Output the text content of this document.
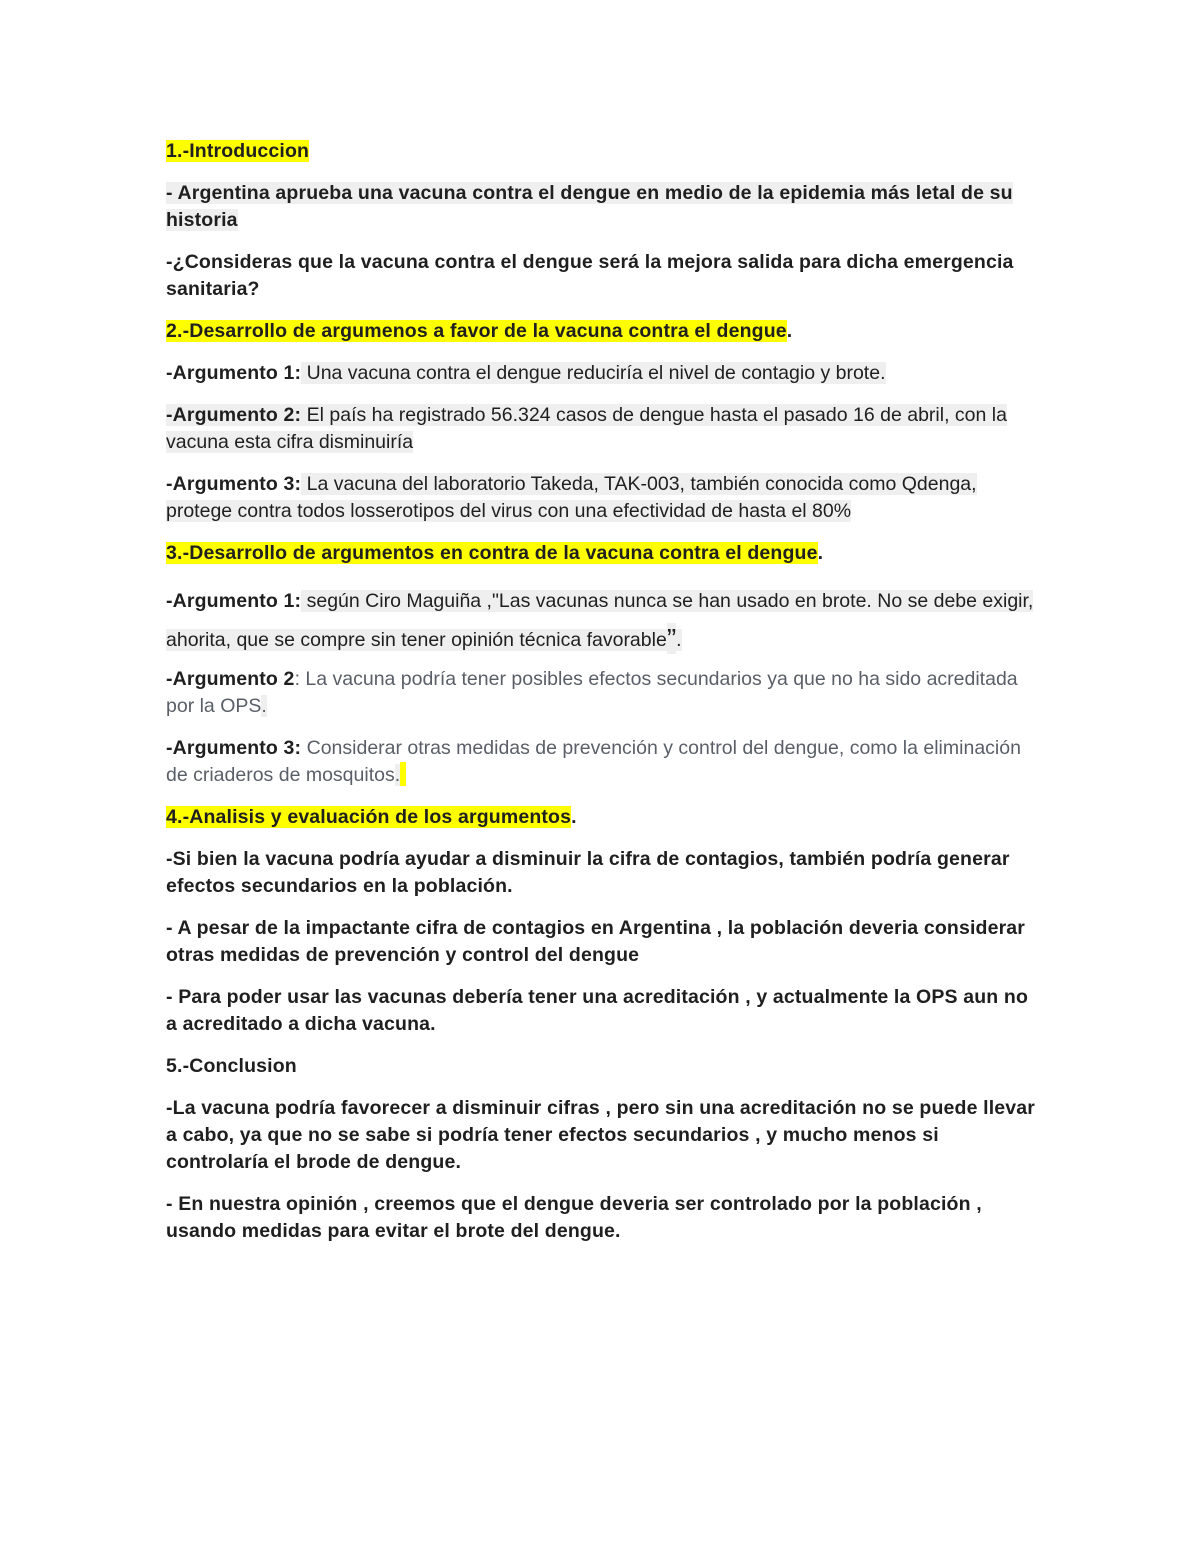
1.-Introduccion

- Argentina aprueba una vacuna contra el dengue en medio de la epidemia más letal de su historia

-¿Consideras que la vacuna contra el dengue será la mejora salida para dicha emergencia sanitaria?

2.-Desarrollo de argumenos a favor de la vacuna contra el dengue.

-Argumento 1: Una vacuna contra el dengue reduciría el nivel de contagio y brote.

-Argumento 2: El país ha registrado 56.324 casos de dengue hasta el pasado 16 de abril, con la vacuna esta cifra disminuiría

-Argumento 3: La vacuna del laboratorio Takeda, TAK-003, también conocida como Qdenga, protege contra todos losserotipos del virus con una efectividad de hasta el 80%

3.-Desarrollo de argumentos en contra de la vacuna contra el dengue.

-Argumento 1: según Ciro Maguiña ,"Las vacunas nunca se han usado en brote. No se debe exigir, ahorita, que se compre sin tener opinión técnica favorable”.

-Argumento 2: La vacuna podría tener posibles efectos secundarios ya que no ha sido acreditada por la OPS.

-Argumento 3: Considerar otras medidas de prevención y control del dengue, como la eliminación de criaderos de mosquitos.

4.-Analisis y evaluación de los argumentos.

-Si bien la vacuna podría ayudar a disminuir la cifra de contagios, también podría generar efectos secundarios en la población.

- A pesar de la impactante cifra de contagios en Argentina , la población deveria considerar otras medidas de prevención y control del dengue

- Para poder usar las vacunas debería tener una acreditación , y actualmente la OPS aun no a acreditado a dicha vacuna.

5.-Conclusion

-La vacuna podría favorecer a disminuir cifras , pero sin una acreditación no se puede llevar a cabo, ya que no se sabe si podría tener efectos secundarios , y mucho menos si controlaría el brode de dengue.

- En nuestra opinión , creemos que el dengue deveria ser controlado por la población , usando medidas para evitar el brote del dengue.
